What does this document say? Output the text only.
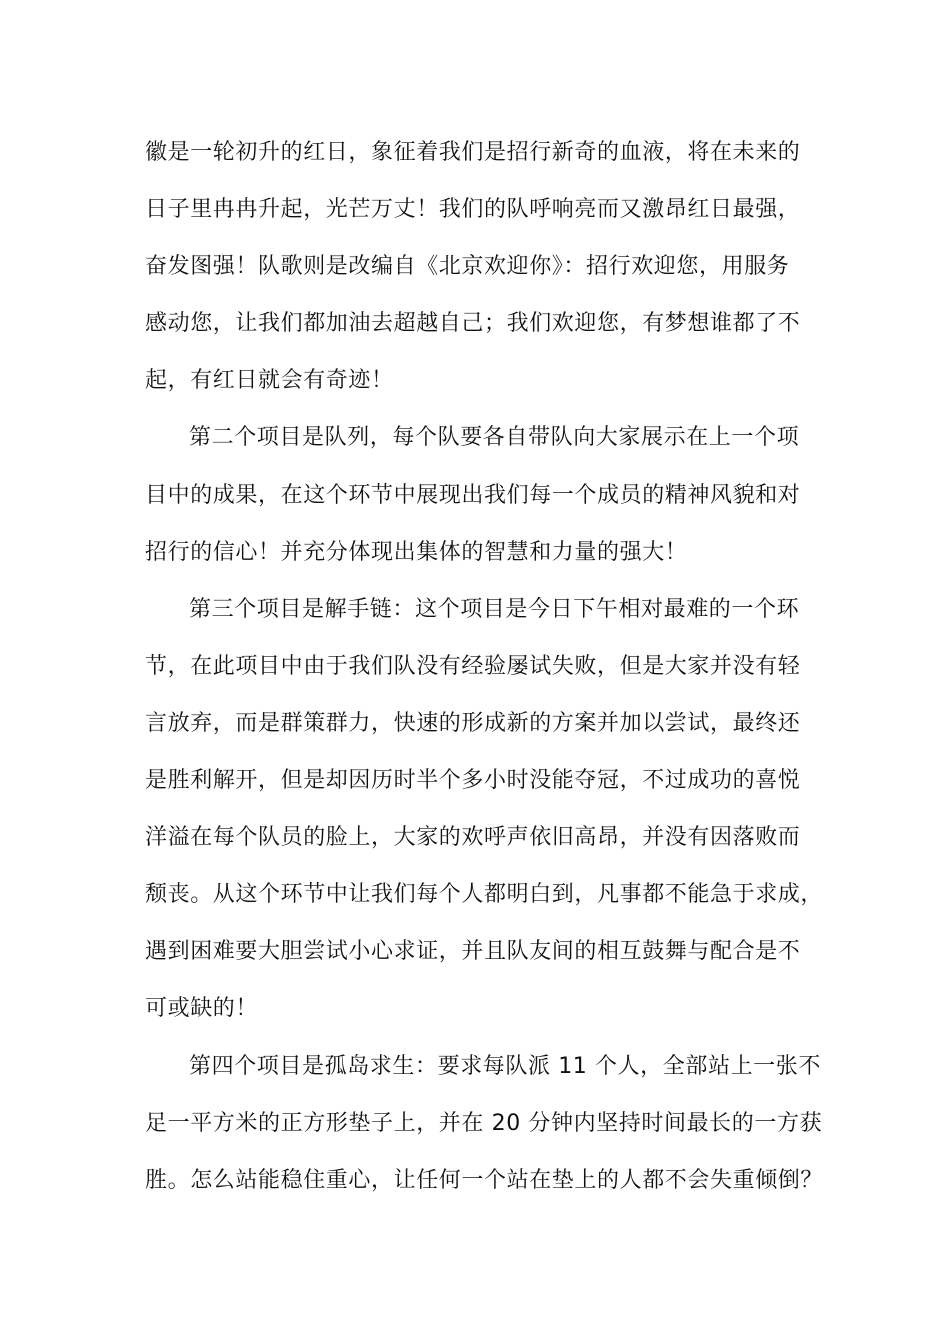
徽是一轮初升的红日，象征着我们是招行新奇的血液，将在未来的
日子里冉冉升起，光芒万丈！我们的队呼响亮而又激昂红日最强，
奋发图强！队歌则是改编自《北京欢迎你》：招行欢迎您，用服务
感动您，让我们都加油去超越自己；我们欢迎您，有梦想谁都了不
起，有红日就会有奇迹！
第二个项目是队列，每个队要各自带队向大家展示在上一个项
目中的成果，在这个环节中展现出我们每一个成员的精神风貌和对
招行的信心！并充分体现出集体的智慧和力量的强大！
第三个项目是解手链：这个项目是今日下午相对最难的一个环
节，在此项目中由于我们队没有经验屡试失败，但是大家并没有轻
言放弃，而是群策群力，快速的形成新的方案并加以尝试，最终还
是胜利解开，但是却因历时半个多小时没能夺冠，不过成功的喜悦
洋溢在每个队员的脸上，大家的欢呼声依旧高昂，并没有因落败而
颓丧。从这个环节中让我们每个人都明白到，凡事都不能急于求成，
遇到困难要大胆尝试小心求证，并且队友间的相互鼓舞与配合是不
可或缺的！
第四个项目是孤岛求生：要求每队派 11 个人，全部站上一张不
足一平方米的正方形垫子上，并在 20 分钟内坚持时间最长的一方获
胜。怎么站能稳住重心，让任何一个站在垫上的人都不会失重倾倒？
